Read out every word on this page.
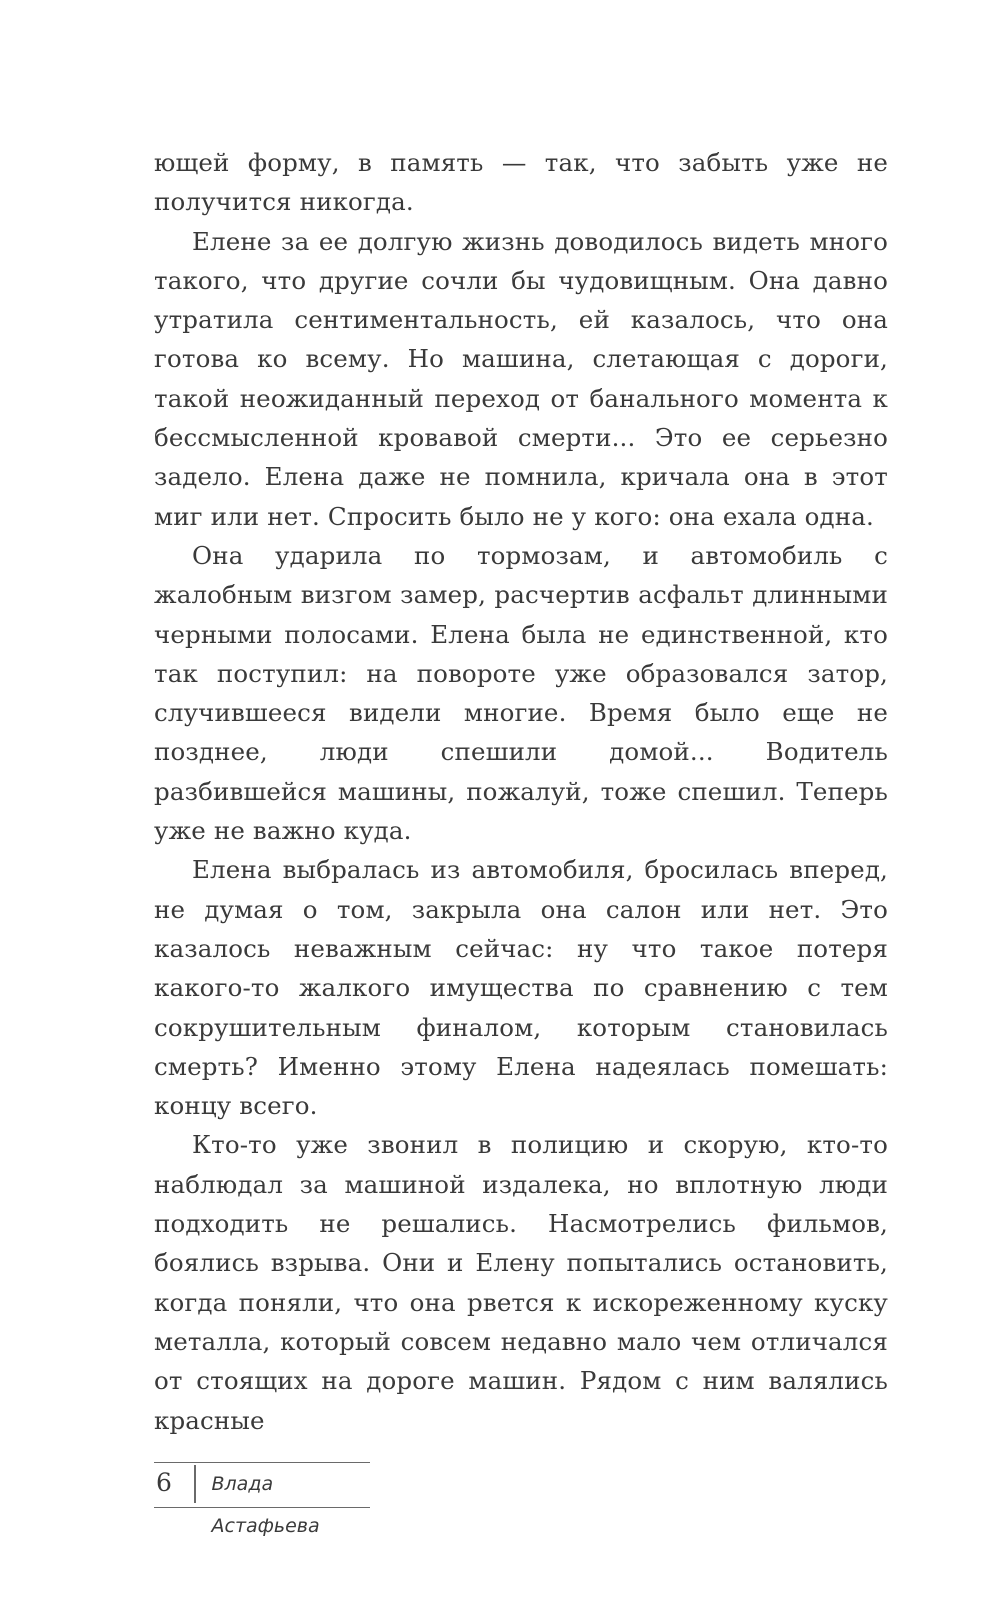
ющей форму, в память — так, что забыть уже не получится никогда.

Елене за ее долгую жизнь доводилось видеть много такого, что другие сочли бы чудовищным. Она давно утратила сентиментальность, ей казалось, что она готова ко всему. Но машина, слетающая с дороги, такой неожиданный переход от банального момента к бессмысленной кровавой смерти... Это ее серьезно задело. Елена даже не помнила, кричала она в этот миг или нет. Спросить было не у кого: она ехала одна.

Она ударила по тормозам, и автомобиль с жалобным визгом замер, расчертив асфальт длинными черными полосами. Елена была не единственной, кто так поступил: на повороте уже образовался затор, случившееся видели многие. Время было еще не позднее, люди спешили домой... Водитель разбившейся машины, пожалуй, тоже спешил. Теперь уже не важно куда.

Елена выбралась из автомобиля, бросилась вперед, не думая о том, закрыла она салон или нет. Это казалось неважным сейчас: ну что такое потеря какого-то жалкого имущества по сравнению с тем сокрушительным финалом, которым становилась смерть? Именно этому Елена надеялась помешать: концу всего.

Кто-то уже звонил в полицию и скорую, кто-то наблюдал за машиной издалека, но вплотную люди подходить не решались. Насмотрелись фильмов, боялись взрыва. Они и Елену попытались остановить, когда поняли, что она рвется к искореженному куску металла, который совсем недавно мало чем отличался от стоящих на дороге машин. Рядом с ним валялись красные

6	Влада Астафьева
